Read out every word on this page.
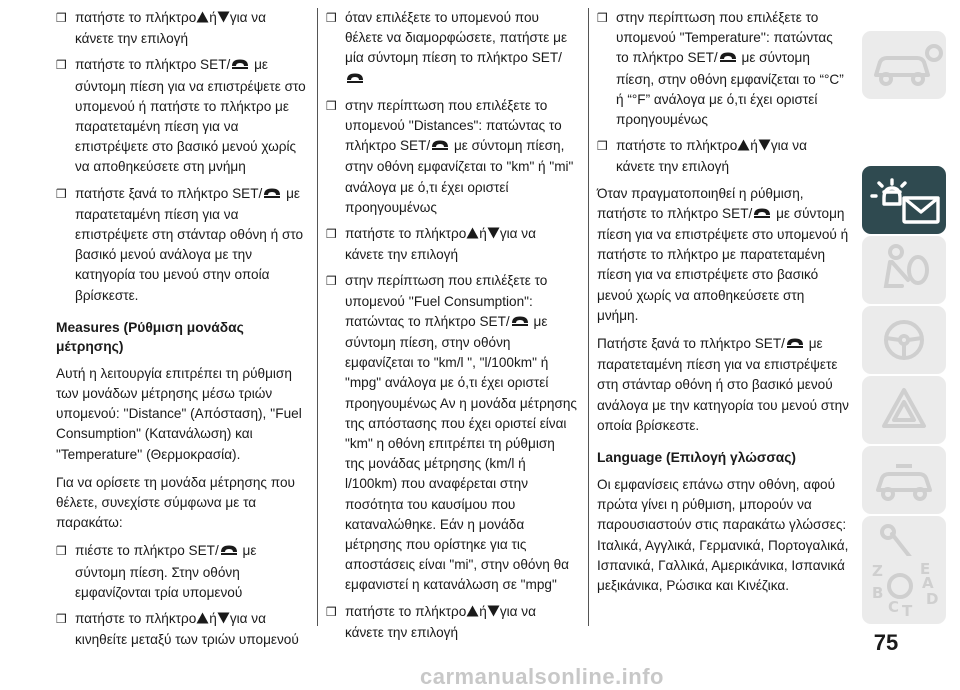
❒ πατήστε το πλήκτρο ή για να κάνετε την επιλογή
❒ πατήστε το πλήκτρο SET/ με σύντομη πίεση για να επιστρέψετε στο υπομενού ή πατήστε το πλήκτρο με παρατεταμένη πίεση για να επιστρέψετε στο βασικό μενού χωρίς να αποθηκεύσετε στη μνήμη
❒ πατήστε ξανά το πλήκτρο SET/ με παρατεταμένη πίεση για να επιστρέψετε στη στάνταρ οθόνη ή στο βασικό μενού ανάλογα με την κατηγορία του μενού στην οποία βρίσκεστε.
Measures (Ρύθμιση μονάδας μέτρησης)

Αυτή η λειτουργία επιτρέπει τη ρύθμιση των μονάδων μέτρησης μέσω τριών υπομενού: ''Distance" (Απόσταση), ''Fuel Consumption" (Κατανάλωση) και "Temperature'' (Θερμοκρασία).

Για να ορίσετε τη μονάδα μέτρησης που θέλετε, συνεχίστε σύμφωνα με τα παρακάτω:

❒ πιέστε το πλήκτρο SET/ με σύντομη πίεση. Στην οθόνη εμφανίζονται τρία υπομενού
❒ πατήστε το πλήκτρο ή για να κινηθείτε μεταξύ των τριών υπομενού
❒ όταν επιλέξετε το υπομενού που θέλετε να διαμορφώσετε, πατήστε με μία σύντομη πίεση το πλήκτρο SET/
❒ στην περίπτωση που επιλέξετε το υπομενού ''Distances": πατώντας το πλήκτρο SET/ με σύντομη πίεση, στην οθόνη εμφανίζεται το "km" ή "mi" ανάλογα με ό,τι έχει οριστεί προηγουμένως
❒ πατήστε το πλήκτρο ή για να κάνετε την επιλογή
❒ στην περίπτωση που επιλέξετε το υπομενού ''Fuel Consumption": πατώντας το πλήκτρο SET/ με σύντομη πίεση, στην οθόνη εμφανίζεται το "km/l ", "l/100km" ή "mpg" ανάλογα με ό,τι έχει οριστεί προηγουμένως Αν η μονάδα μέτρησης της απόστασης που έχει οριστεί είναι "km" η οθόνη επιτρέπει τη ρύθμιση της μονάδας μέτρησης (km/l ή l/100km) που αναφέρεται στην ποσότητα του καυσίμου που καταναλώθηκε. Εάν η μονάδα μέτρησης που ορίστηκε για τις αποστάσεις είναι "mi", στην οθόνη θα εμφανιστεί η κατανάλωση σε "mpg"
❒ πατήστε το πλήκτρο ή για να κάνετε την επιλογή
❒ στην περίπτωση που επιλέξετε το υπομενού "Temperature'': πατώντας το πλήκτρο SET/ με σύντομη πίεση, στην οθόνη εμφανίζεται το “°C” ή “°F” ανάλογα με ό,τι έχει οριστεί προηγουμένως
❒ πατήστε το πλήκτρο ή για να κάνετε την επιλογή

Όταν πραγματοποιηθεί η ρύθμιση, πατήστε το πλήκτρο SET/ με σύντομη πίεση για να επιστρέψετε στο υπομενού ή πατήστε το πλήκτρο με παρατεταμένη πίεση για να επιστρέψετε στο βασικό μενού χωρίς να αποθηκεύσετε στη μνήμη.

Πατήστε ξανά το πλήκτρο SET/ με παρατεταμένη πίεση για να επιστρέψετε στη στάνταρ οθόνη ή στο βασικό μενού ανάλογα με την κατηγορία του μενού στην οποία βρίσκεστε.

Language (Επιλογή γλώσσας)

Οι εμφανίσεις επάνω στην οθόνη, αφού πρώτα γίνει η ρύθμιση, μπορούν να παρουσιαστούν στις παρακάτω γλώσσες: Ιταλικά, Αγγλικά, Γερμανικά, Πορτογαλικά, Ισπανικά, Γαλλικά, Αμερικάνικα, Ισπανικά μεξικάνικα, Ρώσικα και Κινέζικα.

Z E
B
C T
D
A
75
carmanualsonline.info
